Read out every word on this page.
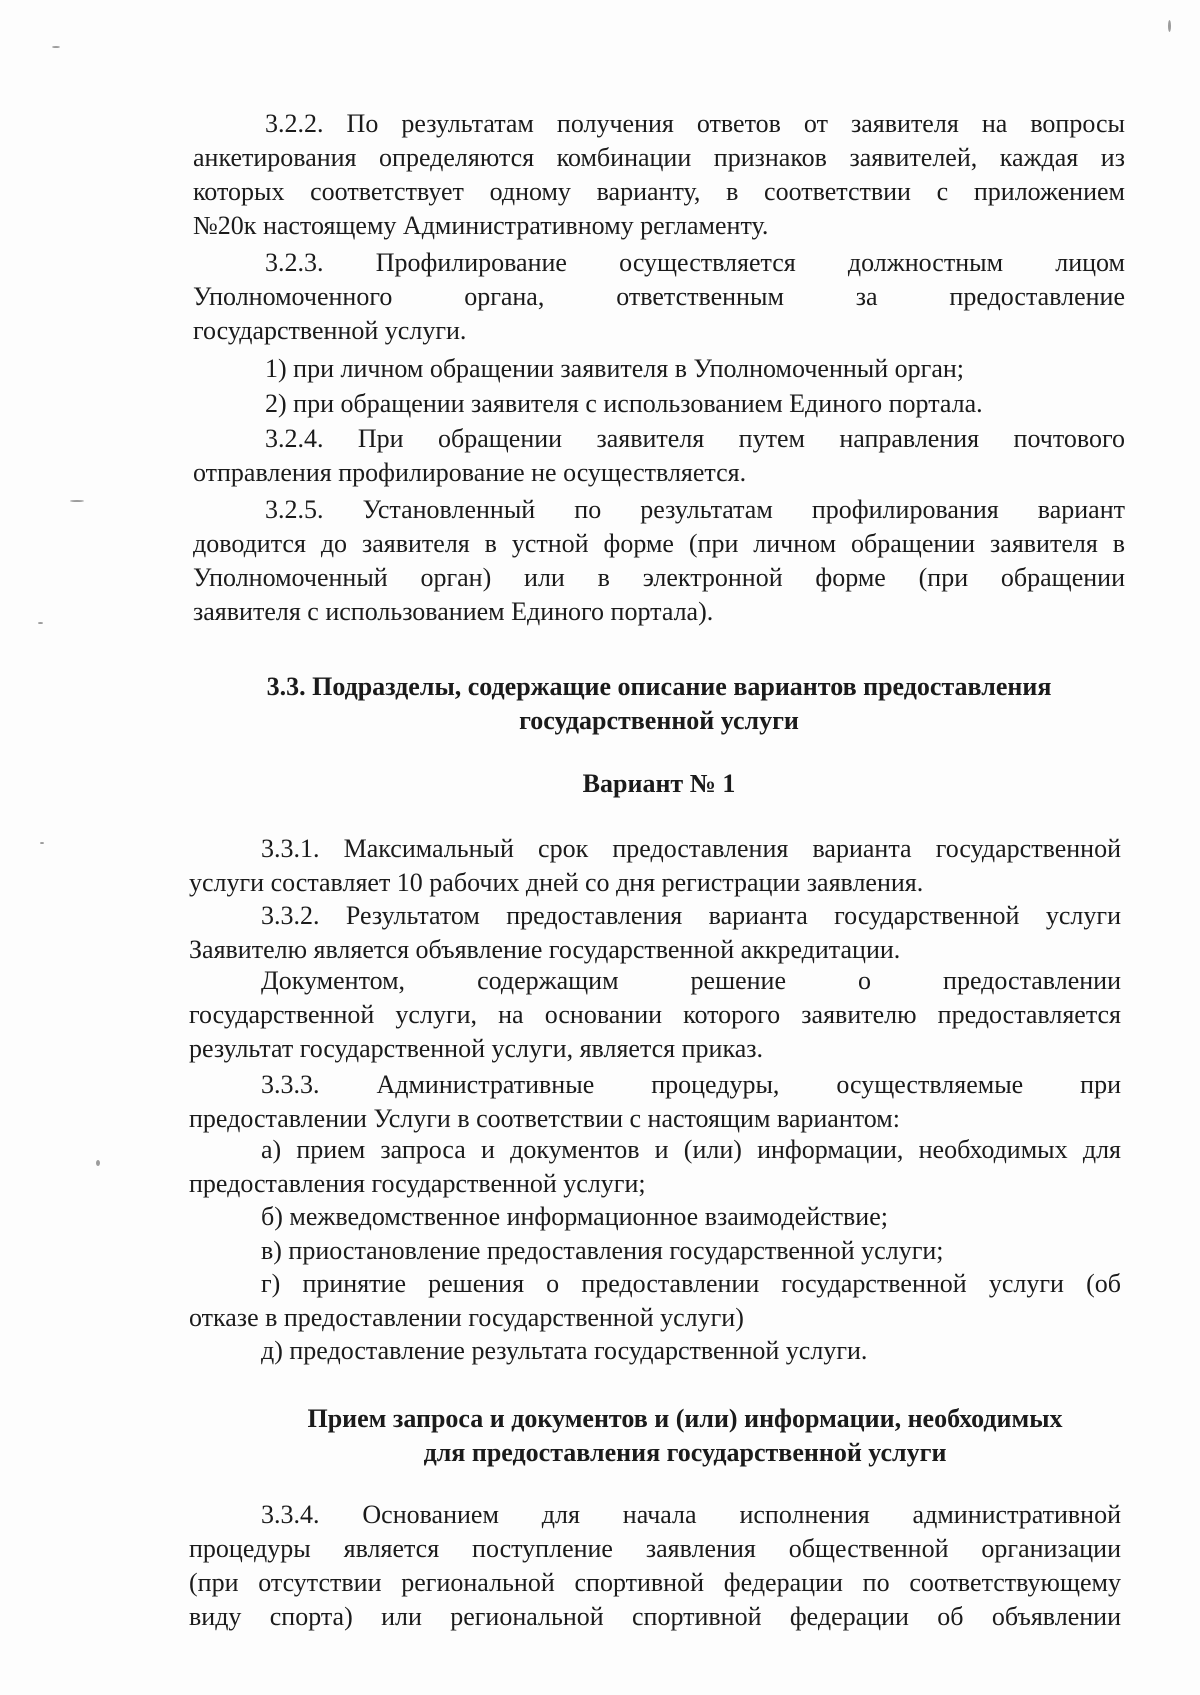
3.2.2. По результатам получения ответов от заявителя на вопросы
анкетирования определяются комбинации признаков заявителей, каждая из
которых соответствует одному варианту, в соответствии с приложением
№20к настоящему Административному регламенту.
3.2.3. Профилирование осуществляется должностным лицом
Уполномоченного органа, ответственным за предоставление
государственной услуги.
1) при личном обращении заявителя в Уполномоченный орган;
2) при обращении заявителя с использованием Единого портала.
3.2.4. При обращении заявителя путем направления почтового
отправления профилирование не осуществляется.
3.2.5. Установленный по результатам профилирования вариант
доводится до заявителя в устной форме (при личном обращении заявителя в
Уполномоченный орган) или в электронной форме (при обращении
заявителя с использованием Единого портала).
3.3. Подразделы, содержащие описание вариантов предоставления
государственной услуги
Вариант № 1
3.3.1. Максимальный срок предоставления варианта государственной
услуги составляет 10 рабочих дней со дня регистрации заявления.
3.3.2. Результатом предоставления варианта государственной услуги
Заявителю является объявление государственной аккредитации.
Документом, содержащим решение о предоставлении
государственной услуги, на основании которого заявителю предоставляется
результат государственной услуги, является приказ.
3.3.3. Административные процедуры, осуществляемые при
предоставлении Услуги в соответствии с настоящим вариантом:
а) прием запроса и документов и (или) информации, необходимых для
предоставления государственной услуги;
б) межведомственное информационное взаимодействие;
в) приостановление предоставления государственной услуги;
г) принятие решения о предоставлении государственной услуги (об
отказе в предоставлении государственной услуги)
д) предоставление результата государственной услуги.
Прием запроса и документов и (или) информации, необходимых
для предоставления государственной услуги
3.3.4. Основанием для начала исполнения административной
процедуры является поступление заявления общественной организации
(при отсутствии региональной спортивной федерации по соответствующему
виду спорта) или региональной спортивной федерации об объявлении
